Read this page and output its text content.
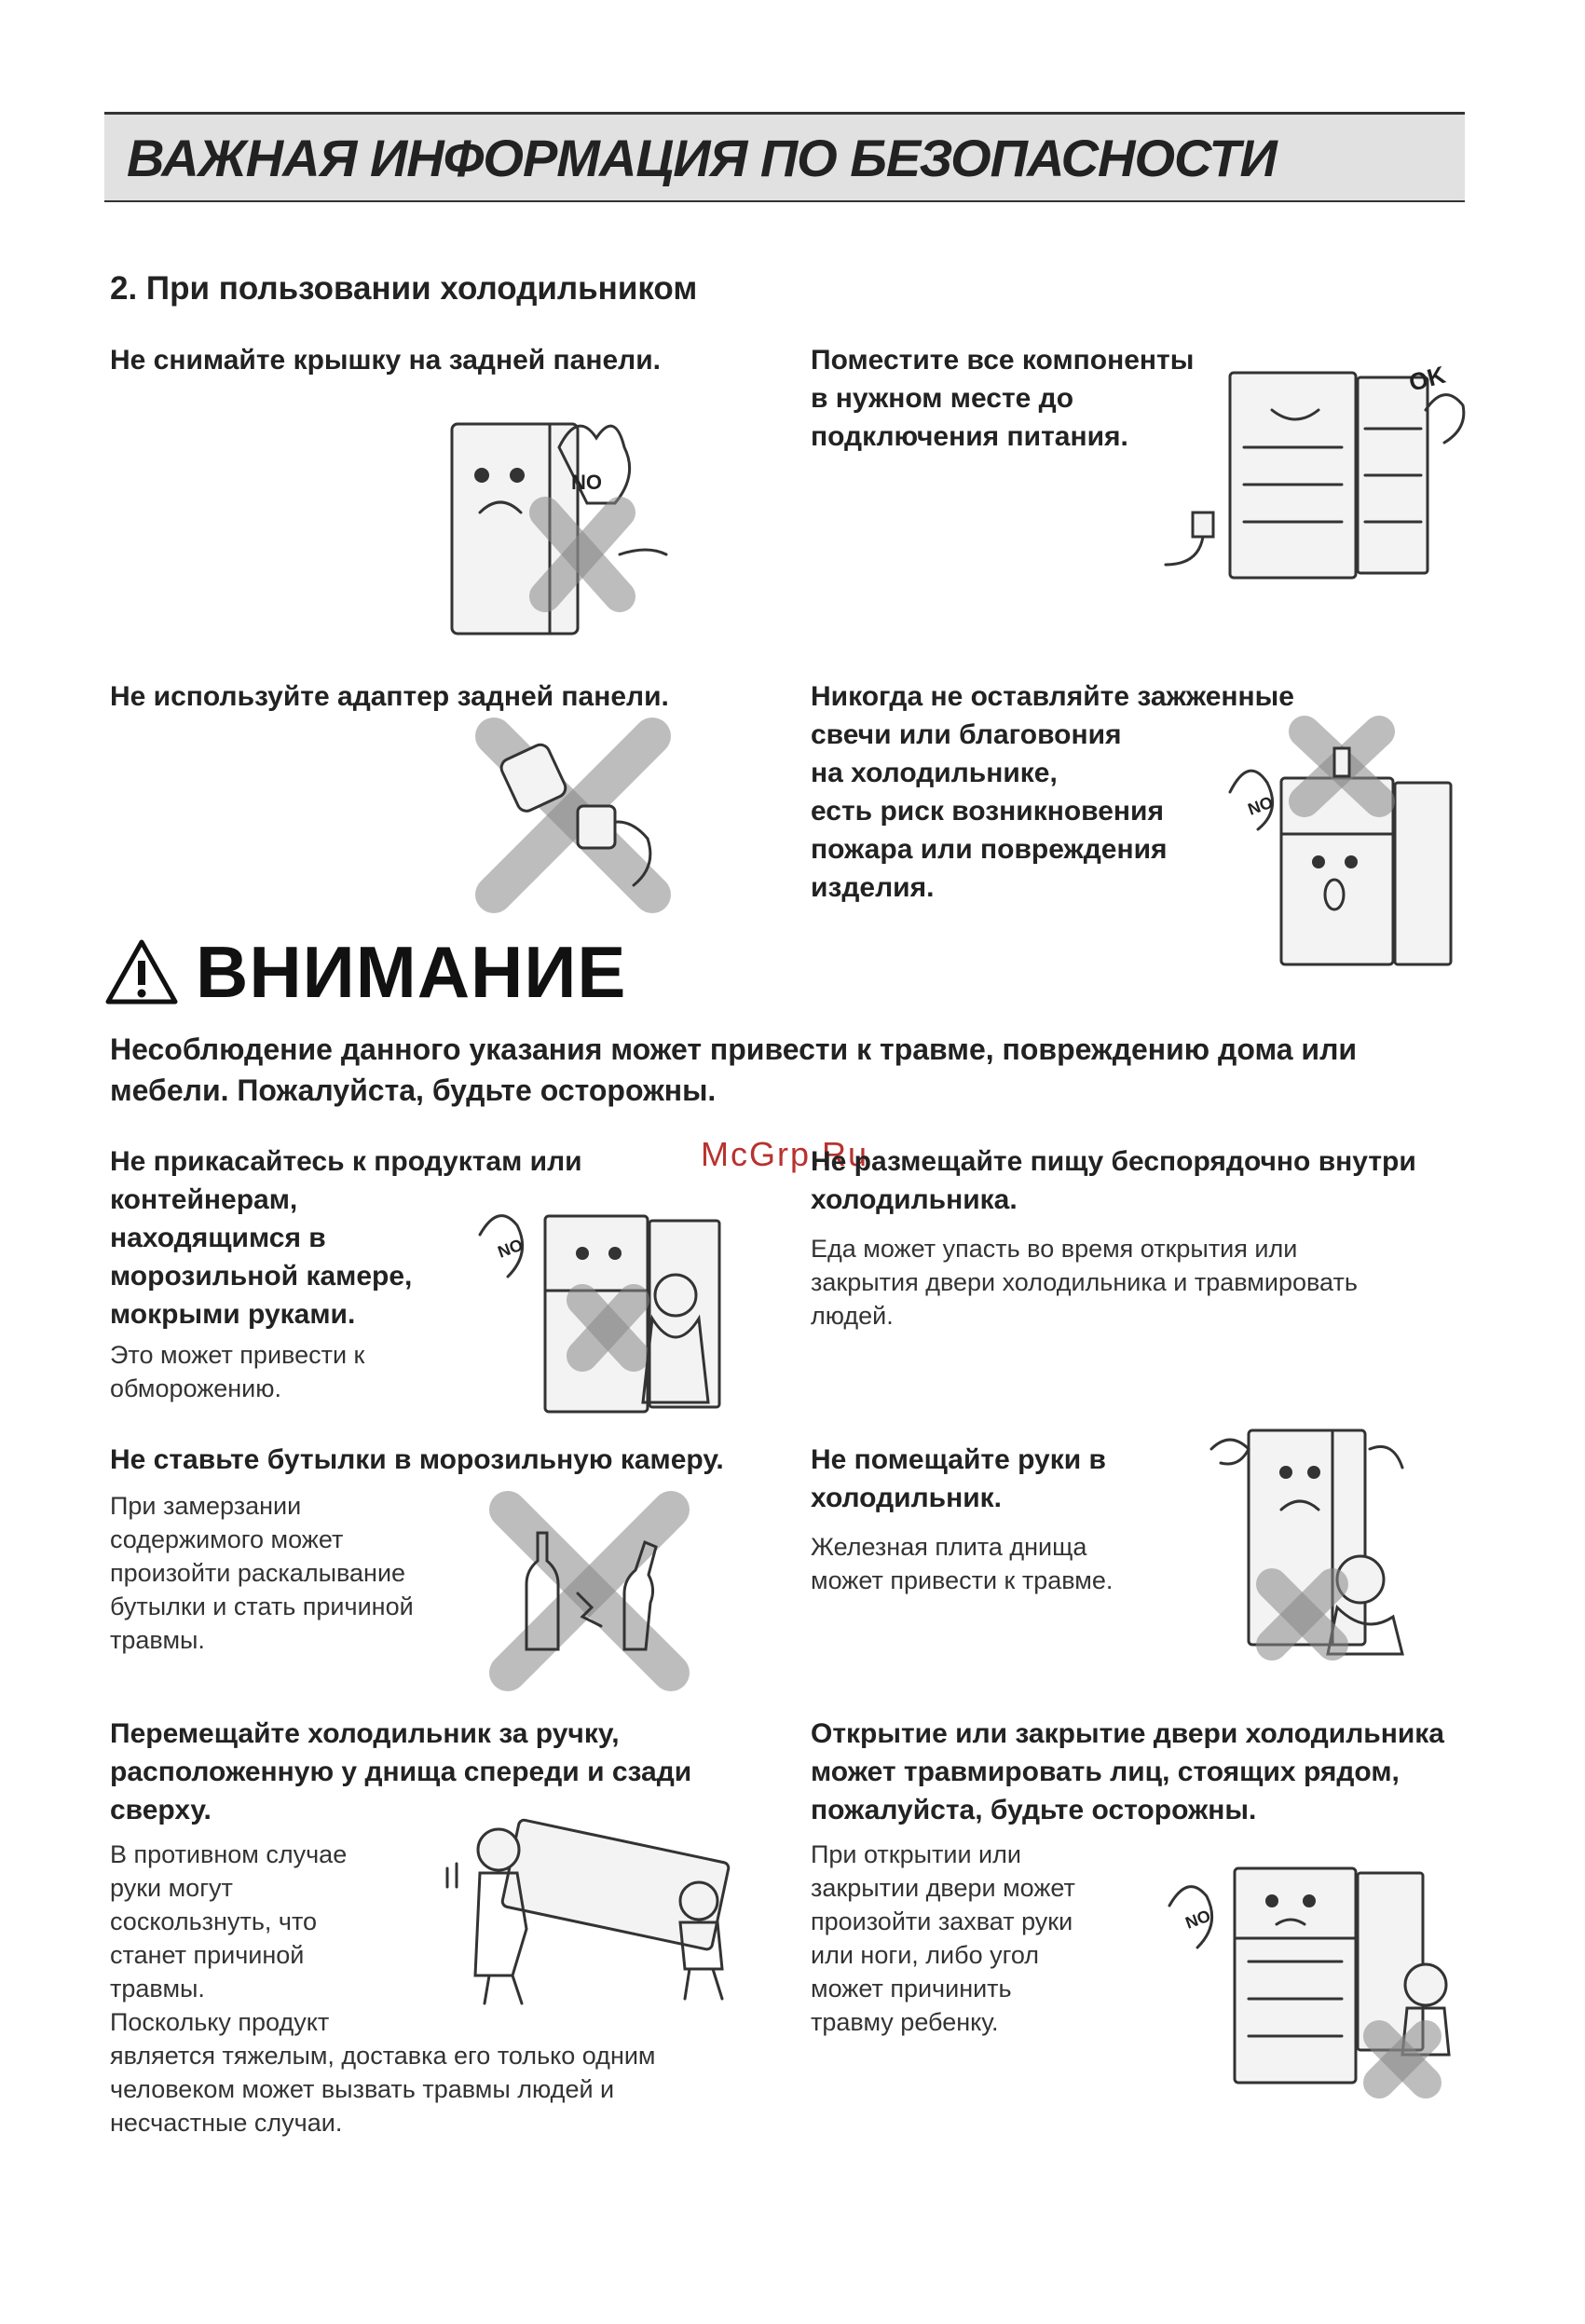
ВАЖНАЯ ИНФОРМАЦИЯ ПО БЕЗОПАСНОСТИ
2. При пользовании холодильником
Не снимайте крышку на задней панели.
NO
Поместите все компоненты
в нужном месте до
подключения питания.
OK
Не используйте адаптер задней панели.	Никогда не оставляйте зажженные
свечи или благовония
на холодильнике,
есть риск возникновения
пожара или повреждения
изделия.
NO
ВНИМАНИЕ
Несоблюдение данного указания может привести к травме, повреждению дома или
мебели. Пожалуйста, будьте осторожны.
McGrp.Ru
Не прикасайтесь к продуктам или
контейнерам,
находящимся в
морозильной камере,
мокрыми руками.
Это может привести к
обморожению.
NO
Не размещайте пищу беспорядочно внутри
холодильника.
Еда может упасть во время открытия или
закрытия двери холодильника и травмировать
людей.
Не ставьте бутылки в морозильную камеру.
При замерзании
содержимого может
произойти раскалывание
бутылки и стать причиной
травмы.
Не помещайте руки в
холодильник.
Железная плита днища
может привести к травме.
Перемещайте холодильник за ручку,
расположенную у днища спереди и сзади
сверху.
В противном случае
руки могут
соскользнуть, что
станет причиной
травмы.
Поскольку продукт
является тяжелым, доставка его только одним
человеком может вызвать травмы людей и
несчастные случаи.
Открытие или закрытие двери холодильника
может травмировать лиц, стоящих рядом,
пожалуйста, будьте осторожны.
При открытии или
закрытии двери может
произойти захват руки
или ноги, либо угол
может причинить
травму ребенку.
NO
